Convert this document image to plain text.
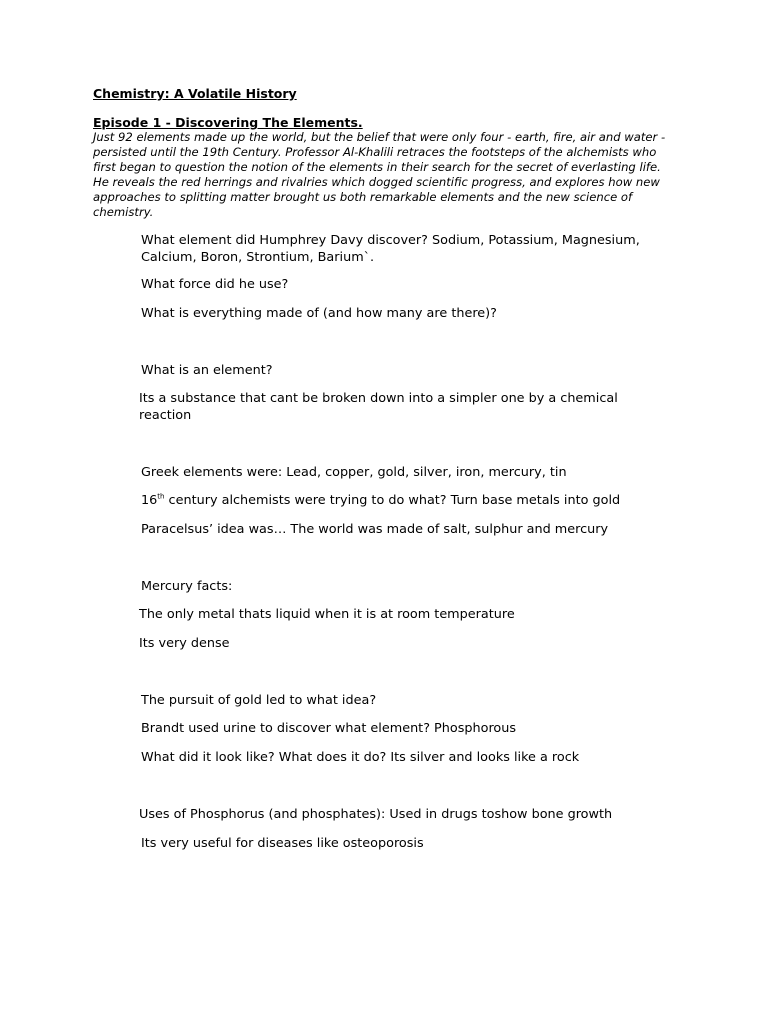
Chemistry: A Volatile History
Episode 1 - Discovering The Elements.
Just 92 elements made up the world, but the belief that were only four - earth, fire, air and water - persisted until the 19th Century. Professor Al-Khalili retraces the footsteps of the alchemists who first began to question the notion of the elements in their search for the secret of everlasting life. He reveals the red herrings and rivalries which dogged scientific progress, and explores how new approaches to splitting matter brought us both remarkable elements and the new science of chemistry.
What element did Humphrey Davy discover? Sodium, Potassium, Magnesium, Calcium, Boron, Strontium, Barium`.
What force did he use?
What is everything made of (and how many are there)?
What is an element?
Its a substance that cant be broken down into a simpler one by a chemical reaction
Greek elements were: Lead, copper, gold, silver, iron, mercury, tin
16th century alchemists were trying to do what? Turn base metals into gold
Paracelsus’ idea was… The world was made of salt, sulphur and mercury
Mercury facts:
The only metal thats liquid when it is at room temperature
Its very dense
The pursuit of gold led to what idea?
Brandt used urine to discover what element? Phosphorous
What did it look like? What does it do? Its silver and looks like a rock
Uses of Phosphorus (and phosphates): Used in drugs toshow bone growth
Its very useful for diseases like osteoporosis
